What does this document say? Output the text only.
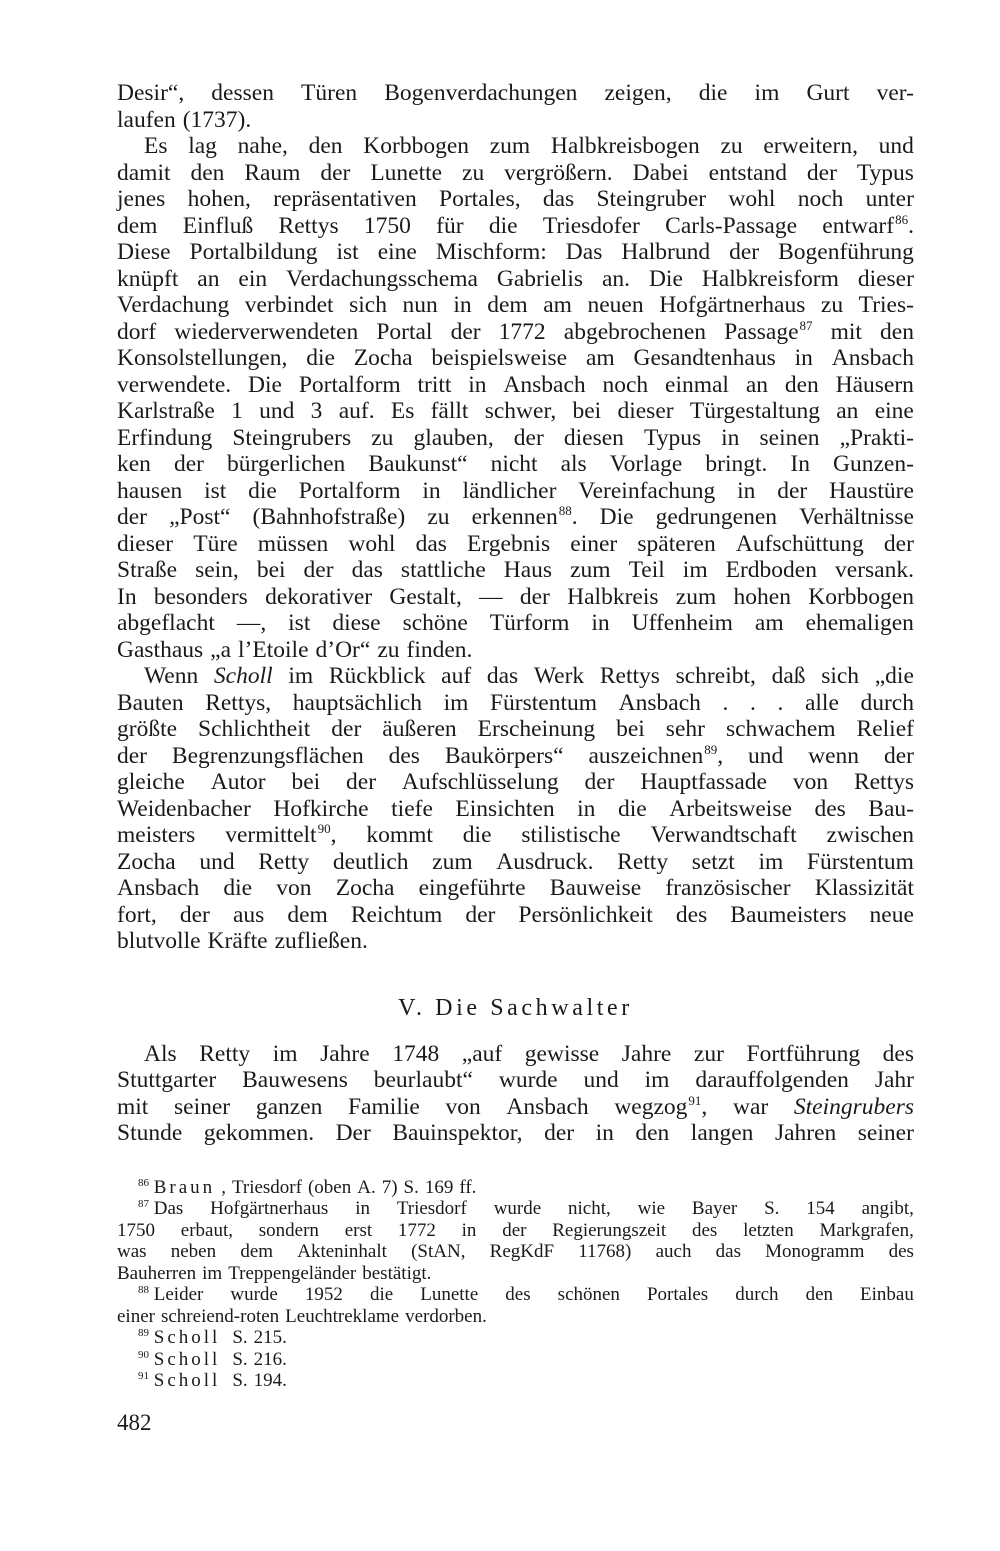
Desir“, dessen Türen Bogenverdachungen zeigen, die im Gurt ver-
laufen (1737).
Es lag nahe, den Korbbogen zum Halbkreisbogen zu erweitern, und
damit den Raum der Lunette zu vergrößern. Dabei entstand der Typus
jenes hohen, repräsentativen Portales, das Steingruber wohl noch unter
dem Einfluß Rettys 1750 für die Triesdofer Carls-Passage entwarf$^{86}$.
Diese Portalbildung ist eine Mischform: Das Halbrund der Bogenführung
knüpft an ein Verdachungsschema Gabrielis an. Die Halbkreisform dieser
Verdachung verbindet sich nun in dem am neuen Hofgärtnerhaus zu Tries-
dorf wiederverwendeten Portal der 1772 abgebrochenen Passage$^{87}$ mit den
Konsolstellungen, die Zocha beispielsweise am Gesandtenhaus in Ansbach
verwendete. Die Portalform tritt in Ansbach noch einmal an den Häusern
Karlstraße 1 und 3 auf. Es fällt schwer, bei dieser Türgestaltung an eine
Erfindung Steingrubers zu glauben, der diesen Typus in seinen „Prakti-
ken der bürgerlichen Baukunst“ nicht als Vorlage bringt. In Gunzen-
hausen ist die Portalform in ländlicher Vereinfachung in der Haustüre
der „Post“ (Bahnhofstraße) zu erkennen$^{88}$. Die gedrungenen Verhältnisse
dieser Türe müssen wohl das Ergebnis einer späteren Aufschüttung der
Straße sein, bei der das stattliche Haus zum Teil im Erdboden versank.
In besonders dekorativer Gestalt, — der Halbkreis zum hohen Korbbogen
abgeflacht —, ist diese schöne Türform in Uffenheim am ehemaligen
Gasthaus „a l’Etoile d’Or“ zu finden.
Wenn Scholl im Rückblick auf das Werk Rettys schreibt, daß sich „die
Bauten Rettys, hauptsächlich im Fürstentum Ansbach . . . alle durch
größte Schlichtheit der äußeren Erscheinung bei sehr schwachem Relief
der Begrenzungsflächen des Baukörpers“ auszeichnen$^{89}$, und wenn der
gleiche Autor bei der Aufschlüsselung der Hauptfassade von Rettys
Weidenbacher Hofkirche tiefe Einsichten in die Arbeitsweise des Bau-
meisters vermittelt$^{90}$, kommt die stilistische Verwandtschaft zwischen
Zocha und Retty deutlich zum Ausdruck. Retty setzt im Fürstentum
Ansbach die von Zocha eingeführte Bauweise französischer Klassizität
fort, der aus dem Reichtum der Persönlichkeit des Baumeisters neue
blutvolle Kräfte zufließen.
V. Die Sachwalter
Als Retty im Jahre 1748 „auf gewisse Jahre zur Fortführung des
Stuttgarter Bauwesens beurlaubt“ wurde und im darauffolgenden Jahr
mit seiner ganzen Familie von Ansbach wegzog$^{91}$, war Steingrubers
Stunde gekommen. Der Bauinspektor, der in den langen Jahren seiner
$^{86}$ Braun , Triesdorf (oben A. 7) S. 169 ff.
$^{87}$ Das Hofgärtnerhaus in Triesdorf wurde nicht, wie Bayer S. 154 angibt,
1750 erbaut, sondern erst 1772 in der Regierungszeit des letzten Markgrafen,
was neben dem Akteninhalt (StAN, RegKdF 11768) auch das Monogramm des
Bauherren im Treppengeländer bestätigt.
$^{88}$ Leider wurde 1952 die Lunette des schönen Portales durch den Einbau
einer schreiend-roten Leuchtreklame verdorben.
$^{89}$ Scholl S. 215.
$^{90}$ Scholl S. 216.
$^{91}$ Scholl S. 194.
482
